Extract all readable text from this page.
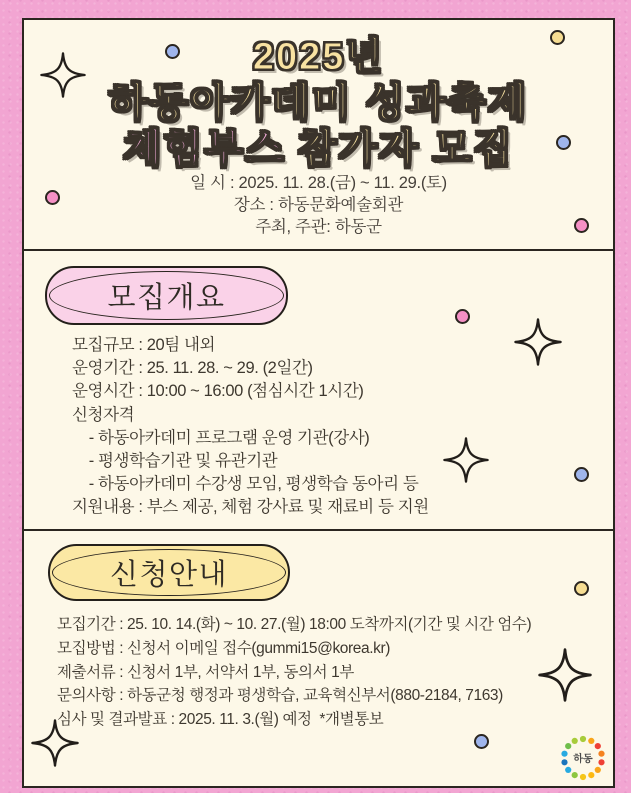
2025년
하동아카데미 성과축제
체험부스 참가자 모집
일 시 : 2025. 11. 28.(금) ~ 11. 29.(토)
장소 : 하동문화예술회관
주최, 주관: 하동군
모집개요
모집규모 : 20팀 내외
운영기간 : 25. 11. 28. ~ 29. (2일간)
운영시간 : 10:00 ~ 16:00 (점심시간 1시간)
신청자격
- 하동아카데미 프로그램 운영 기관(강사)
- 평생학습기관 및 유관기관
- 하동아카데미 수강생 모임, 평생학습 동아리 등
지원내용 : 부스 제공, 체험 강사료 및 재료비 등 지원
신청안내
모집기간 : 25. 10. 14.(화) ~ 10. 27.(월) 18:00 도착까지(기간 및 시간 엄수)
모집방법 : 신청서 이메일 접수(gummi15@korea.kr)
제출서류 : 신청서 1부, 서약서 1부, 동의서 1부
문의사항 : 하동군청 행정과 평생학습, 교육혁신부서(880-2184, 7163)
심사 및 결과발표 : 2025. 11. 3.(월) 예정  *개별통보
하동
